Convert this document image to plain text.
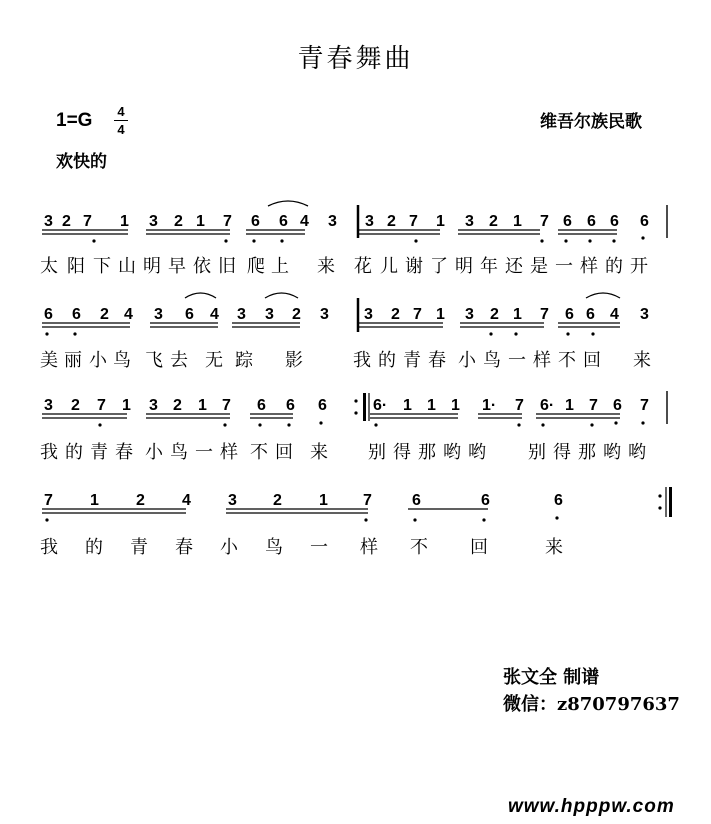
青春舞曲
1=G 4
4	维吾尔族民歌
欢快的
3 2 7 1 3 2 1 7 6 6 4 3 3 2 7 1 3 2 1 7 6 6 6 6
6 6 2 4 3 6 4 3 3 2 3 3 2 7 1 3 2 1 7 6 6 4 3
3 2 7 1 3 2 1 7 6 6 6	6· 1 1 1 1· 7 6· 1 7 6 7
7 1 2 4 3 2 1 7	6	6	6
太 阳 下 山 明 早 依 旧 爬 上 来 花 儿 谢 了 明 年 还 是 一 样 的 开
美 丽 小 鸟 飞 去 无 踪 影	我 的 青 春 小 鸟 一 样 不 回 来
我 的 青 春 小 鸟 一 样 不 回 来 别 得 那 哟 哟 别 得 那 哟 哟
我 的 青 春 小 鸟 一 样 不 回	来
张文全 制谱
微信：z870797637
www.hpppw.com
